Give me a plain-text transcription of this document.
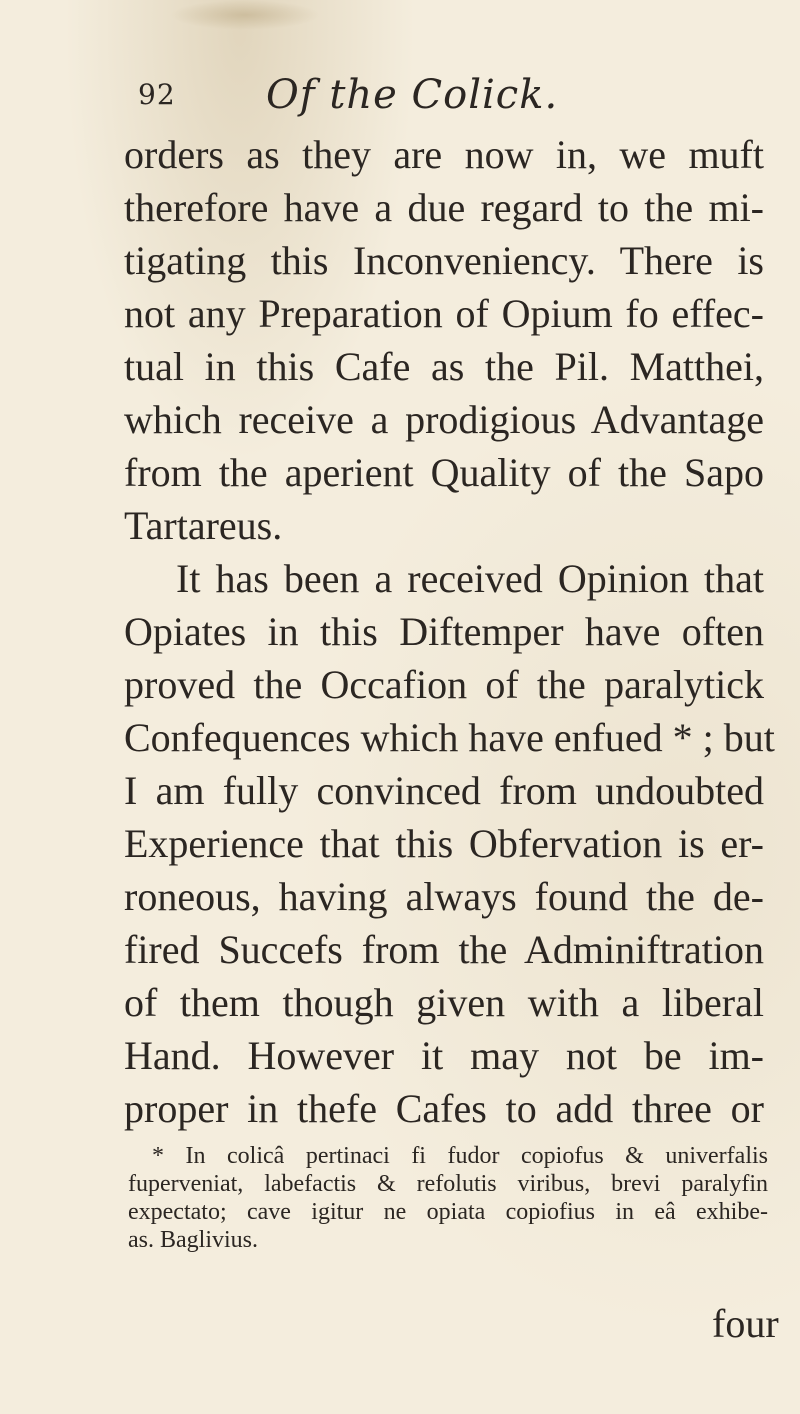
92 Of the Colick.
orders as they are now in, we muft
therefore have a due regard to the mi-
tigating this Inconveniency. There is
not any Preparation of Opium fo effec-
tual in this Cafe as the Pil. Matthei,
which receive a prodigious Advantage
from the aperient Quality of the Sapo
Tartareus.
It has been a received Opinion that
Opiates in this Diftemper have often
proved the Occafion of the paralytick
Confequences which have enfued * ; but
I am fully convinced from undoubted
Experience that this Obfervation is er-
roneous, having always found the de-
fired Succefs from the Adminiftration
of them though given with a liberal
Hand. However it may not be im-
proper in thefe Cafes to add three or
* In colicâ pertinaci fi fudor copiofus & univerfalis
fuperveniat, labefactis & refolutis viribus, brevi paralyfin
expectato; cave igitur ne opiata copiofius in eâ exhibe-
as. Baglivius.
four
